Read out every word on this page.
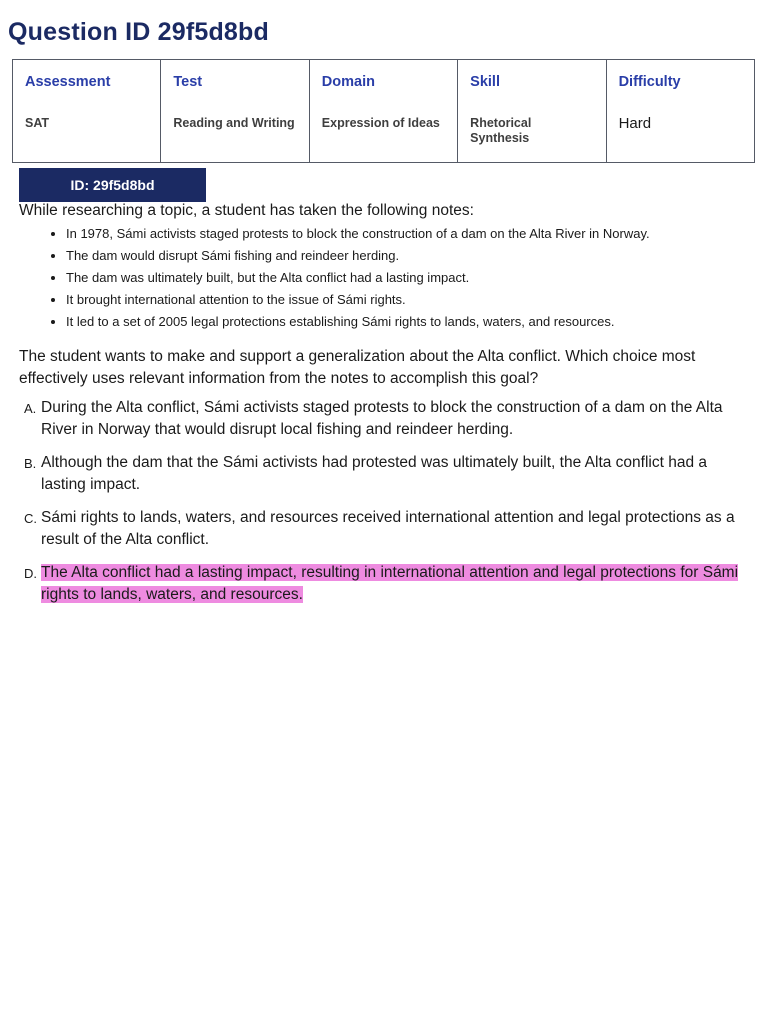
Question ID 29f5d8bd
Assessment	Test	Domain	Skill	Difficulty
SAT	Reading and Writing	Expression of Ideas	Rhetorical Synthesis	Hard
ID: 29f5d8bd

While researching a topic, a student has taken the following notes:

• In 1978, Sámi activists staged protests to block the construction of a dam on the Alta River in Norway.
• The dam would disrupt Sámi fishing and reindeer herding.
• The dam was ultimately built, but the Alta conflict had a lasting impact.
• It brought international attention to the issue of Sámi rights.
• It led to a set of 2005 legal protections establishing Sámi rights to lands, waters, and resources.

The student wants to make and support a generalization about the Alta conflict. Which choice most effectively uses relevant information from the notes to accomplish this goal?

A. During the Alta conflict, Sámi activists staged protests to block the construction of a dam on the Alta River in Norway that would disrupt local fishing and reindeer herding.
B. Although the dam that the Sámi activists had protested was ultimately built, the Alta conflict had a lasting impact.
C. Sámi rights to lands, waters, and resources received international attention and legal protections as a result of the Alta conflict.
D. The Alta conflict had a lasting impact, resulting in international attention and legal protections for Sámi rights to lands, waters, and resources.
